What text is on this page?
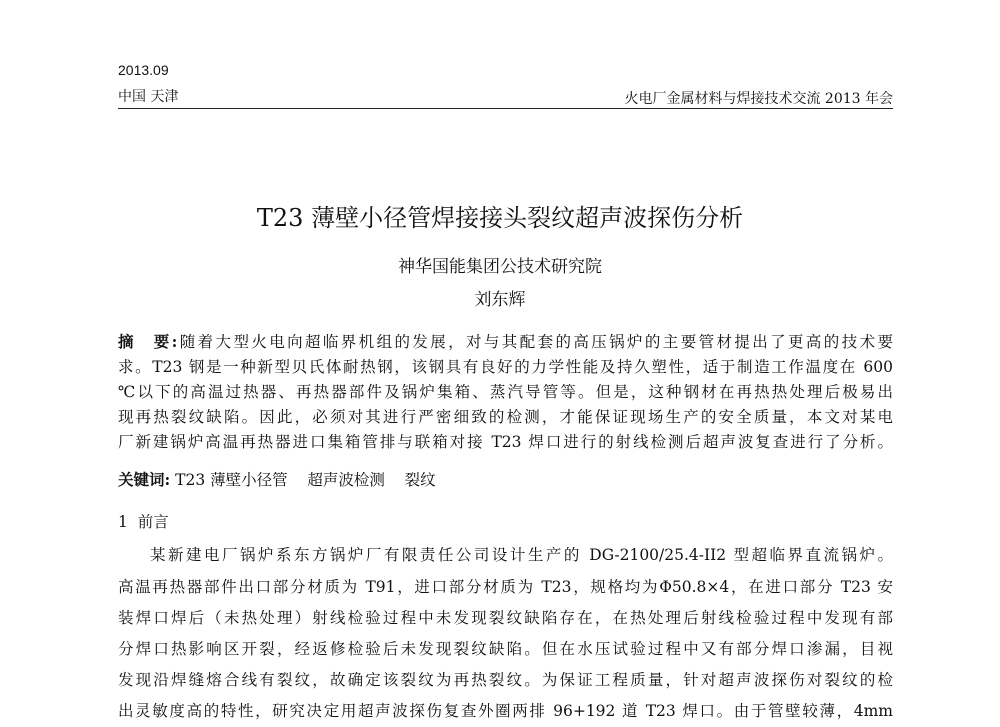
2013.09
中国 天津	火电厂金属材料与焊接技术交流 2013 年会
T23 薄壁小径管焊接接头裂纹超声波探伤分析
神华国能集团公技术研究院
刘东辉
摘　要:随着大型火电向超临界机组的发展，对与其配套的高压锅炉的主要管材提出了更高的技术要
求。T23 钢是一种新型贝氏体耐热钢，该钢具有良好的力学性能及持久塑性，适于制造工作温度在 600
℃以下的高温过热器、再热器部件及锅炉集箱、蒸汽导管等。但是，这种钢材在再热热处理后极易出
现再热裂纹缺陷。因此，必须对其进行严密细致的检测，才能保证现场生产的安全质量，本文对某电
厂新建锅炉高温再热器进口集箱管排与联箱对接 T23 焊口进行的射线检测后超声波复查进行了分析。
关键词: T23 薄壁小径管 超声波检测 裂纹
1 前言
某新建电厂锅炉系东方锅炉厂有限责任公司设计生产的 DG-2100/25.4-II2 型超临界直流锅炉。
高温再热器部件出口部分材质为 T91，进口部分材质为 T23，规格均为Φ50.8×4，在进口部分 T23 安
装焊口焊后（未热处理）射线检验过程中未发现裂纹缺陷存在，在热处理后射线检验过程中发现有部
分焊口热影响区开裂，经返修检验后未发现裂纹缺陷。但在水压试验过程中又有部分焊口渗漏，目视
发现沿焊缝熔合线有裂纹，故确定该裂纹为再热裂纹。为保证工程质量，针对超声波探伤对裂纹的检
出灵敏度高的特性，研究决定用超声波探伤复查外圈两排 96+192 道 T23 焊口。由于管壁较薄，4mm
